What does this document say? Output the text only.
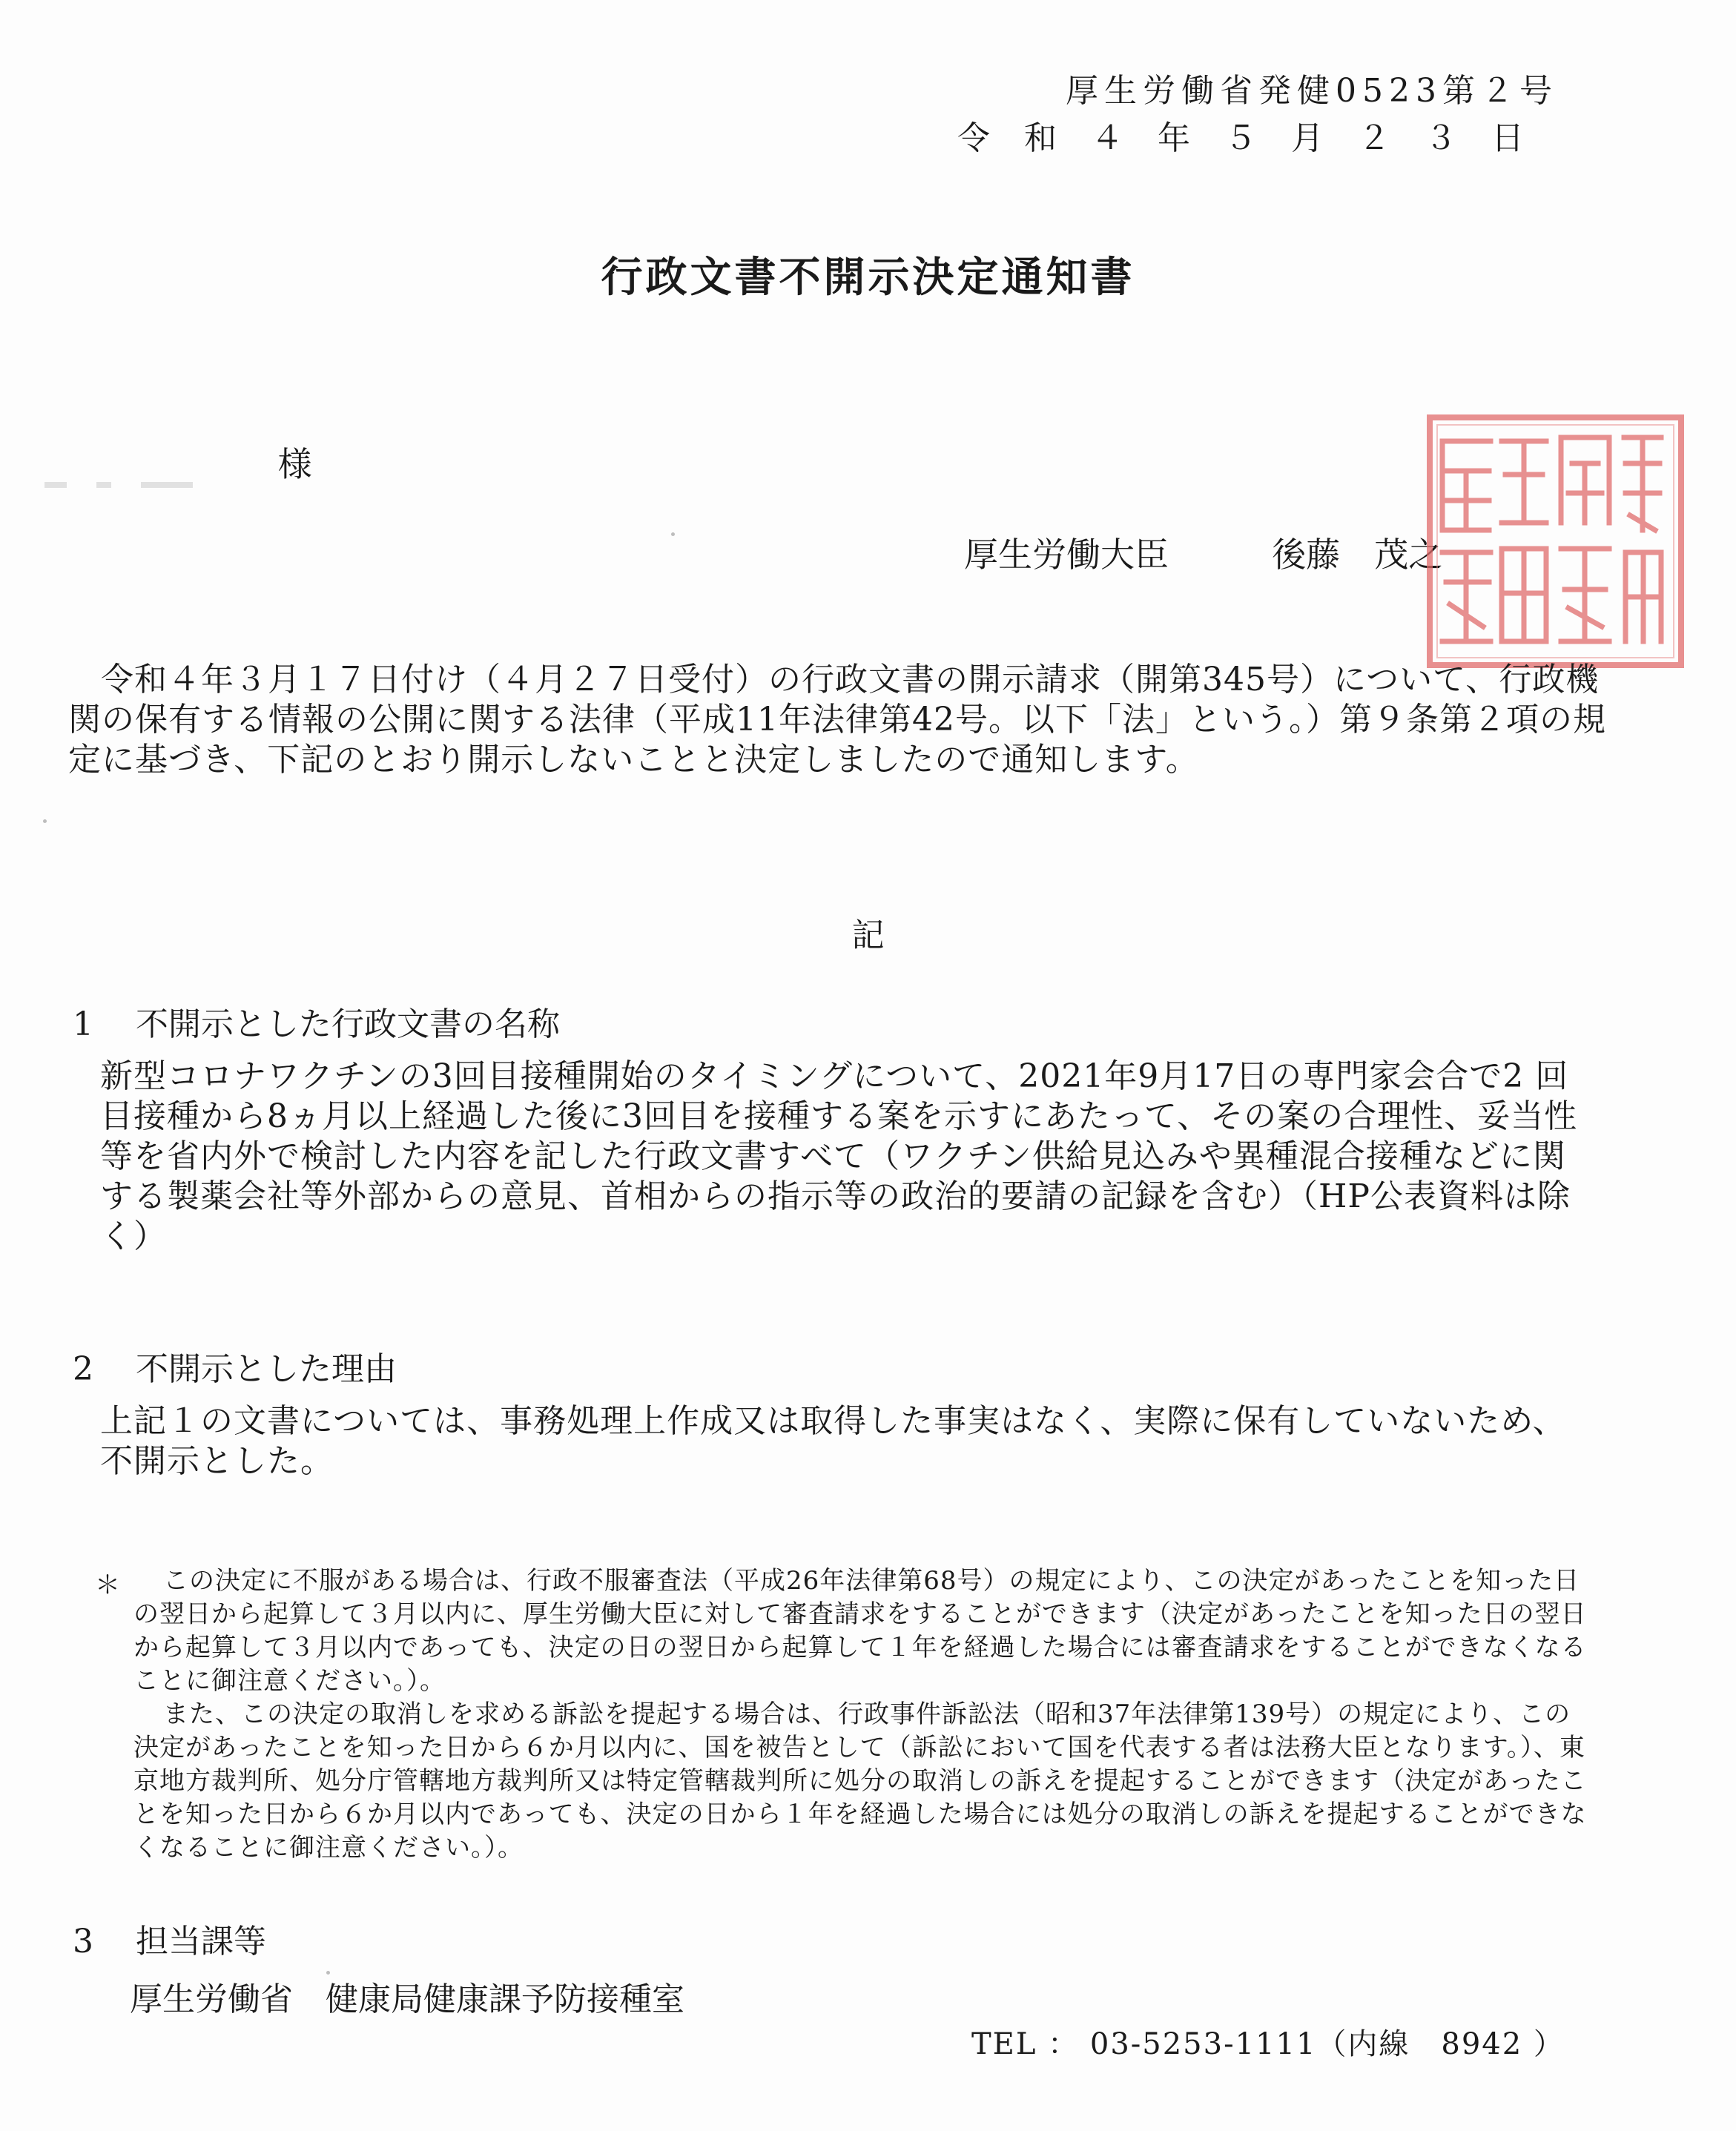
厚生労働省発健0523第２号
令和４年５月２３日
行政文書不開示決定通知書
様
厚生労働大臣	後藤　茂之
令和４年３月１７日付け（４月２７日受付）の行政文書の開示請求（開第345号）について、行政機関の保有する情報の公開に関する法律（平成11年法律第42号。以下「法」という。）第９条第２項の規定に基づき、下記のとおり開示しないことと決定しましたので通知します。
記
1 不開示とした行政文書の名称
新型コロナワクチンの3回目接種開始のタイミングについて、2021年9月17日の専門家会合で2 回目接種から8ヵ月以上経過した後に3回目を接種する案を示すにあたって、その案の合理性、妥当性等を省内外で検討した内容を記した行政文書すべて（ワクチン供給見込みや異種混合接種などに関する製薬会社等外部からの意見、首相からの指示等の政治的要請の記録を含む）（HP公表資料は除く）
2 不開示とした理由
上記１の文書については、事務処理上作成又は取得した事実はなく、実際に保有していないため、不開示とした。
＊	この決定に不服がある場合は、行政不服審査法（平成26年法律第68号）の規定により、この決定があったことを知った日の翌日から起算して３月以内に、厚生労働大臣に対して審査請求をすることができます（決定があったことを知った日の翌日から起算して３月以内であっても、決定の日の翌日から起算して１年を経過した場合には審査請求をすることができなくなることに御注意ください。）。

また、この決定の取消しを求める訴訟を提起する場合は、行政事件訴訟法（昭和37年法律第139号）の規定により、この決定があったことを知った日から６か月以内に、国を被告として（訴訟において国を代表する者は法務大臣となります。）、東京地方裁判所、処分庁管轄地方裁判所又は特定管轄裁判所に処分の取消しの訴えを提起することができます（決定があったことを知った日から６か月以内であっても、決定の日から１年を経過した場合には処分の取消しの訴えを提起することができなくなることに御注意ください。）。

3 担当課等
厚生労働省　健康局健康課予防接種室
TEL ： 03-5253-1111（内線　8942 ）
